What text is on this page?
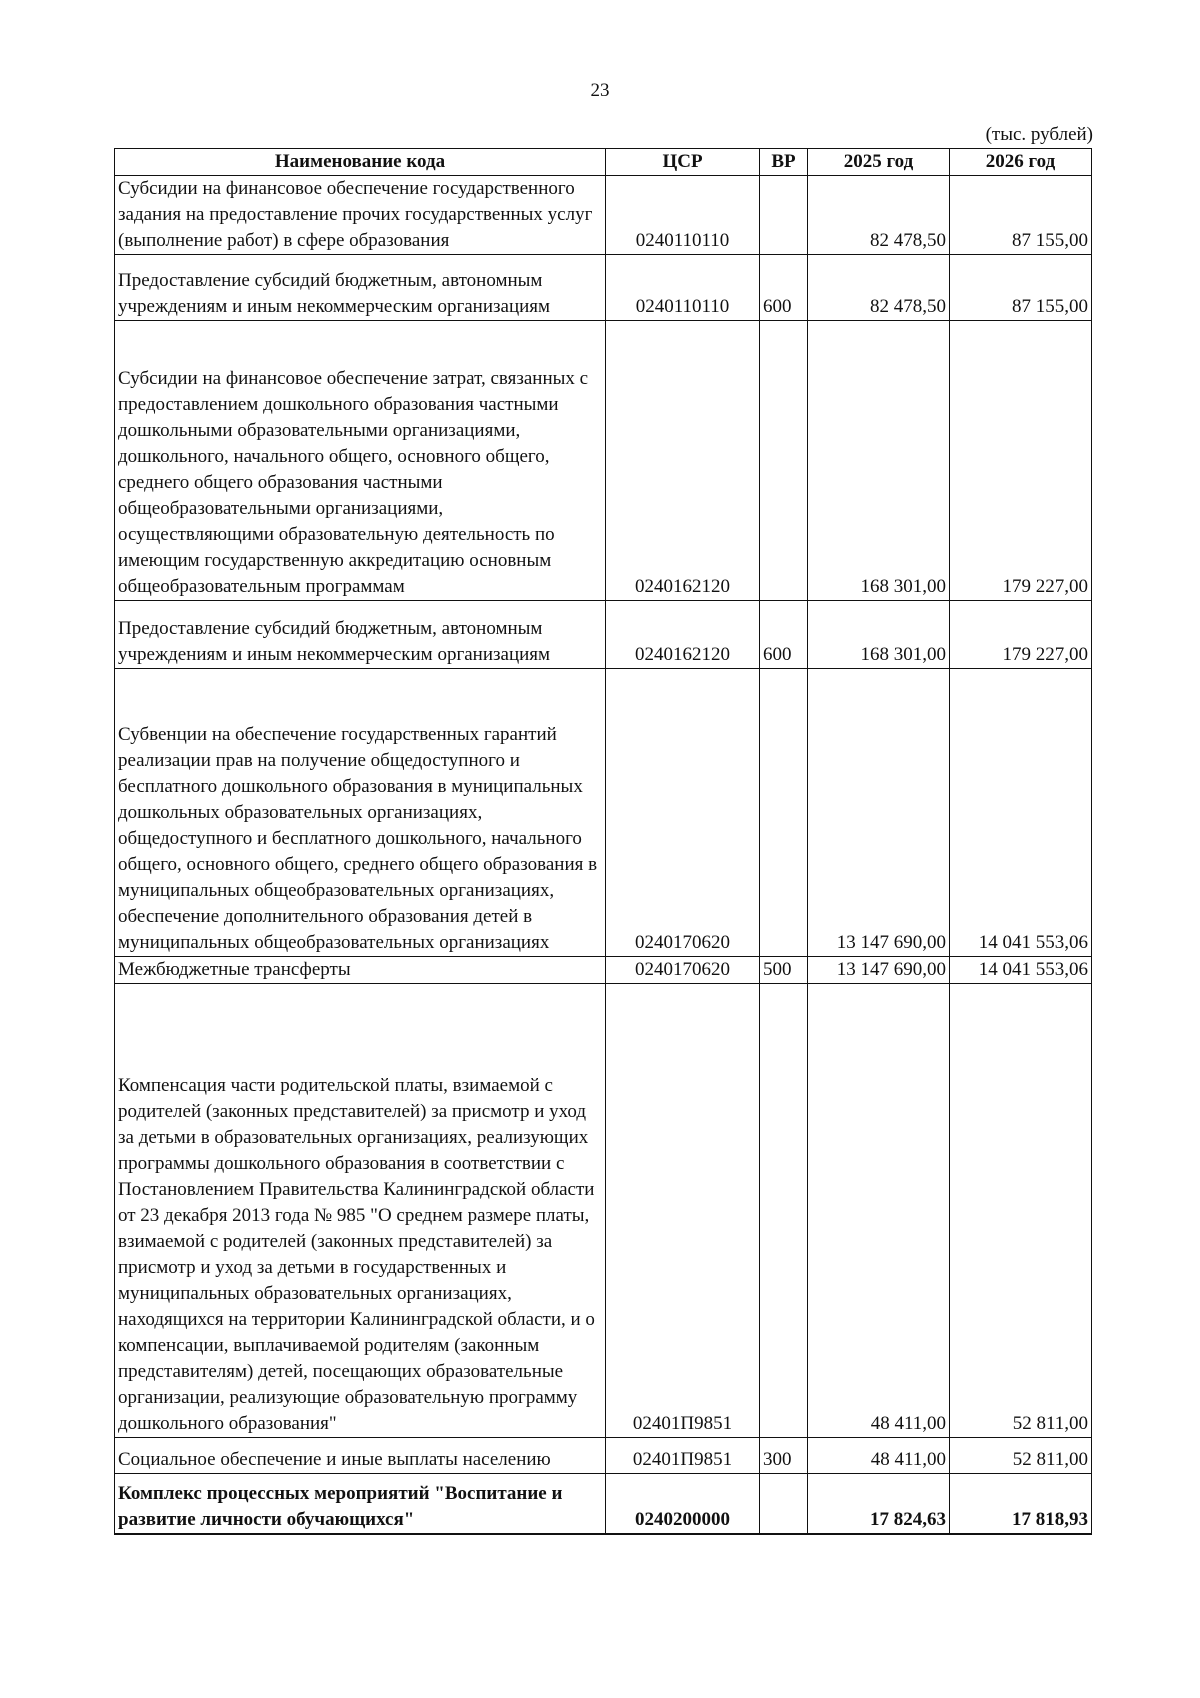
23
(тыс. рублей)
Наименование кода	ЦСР	ВР	2025 год	2026 год
Субсидии на финансовое обеспечение государственного задания на предоставление прочих государственных услуг (выполнение работ) в сфере образования	0240110110		82 478,50	87 155,00
Предоставление субсидий бюджетным, автономным учреждениям и иным некоммерческим организациям	0240110110	600	82 478,50	87 155,00
Субсидии на финансовое обеспечение затрат, связанных с предоставлением дошкольного образования частными дошкольными образовательными организациями, дошкольного, начального общего, основного общего, среднего общего образования частными общеобразовательными организациями, осуществляющими образовательную деятельность по имеющим государственную аккредитацию основным общеобразовательным программам	0240162120		168 301,00	179 227,00
Предоставление субсидий бюджетным, автономным учреждениям и иным некоммерческим организациям	0240162120	600	168 301,00	179 227,00
Субвенции на обеспечение государственных гарантий реализации прав на получение общедоступного и бесплатного дошкольного образования в муниципальных дошкольных образовательных организациях, общедоступного и бесплатного дошкольного, начального общего, основного общего, среднего общего образования в муниципальных общеобразовательных организациях, обеспечение дополнительного образования детей в муниципальных общеобразовательных организациях	0240170620		13 147 690,00	14 041 553,06
Межбюджетные трансферты	0240170620	500	13 147 690,00	14 041 553,06
Компенсация части родительской платы, взимаемой с родителей (законных представителей) за присмотр и уход за детьми в образовательных организациях, реализующих программы дошкольного образования в соответствии с Постановлением Правительства Калининградской области от 23 декабря 2013 года № 985 "О среднем размере платы, взимаемой с родителей (законных представителей) за присмотр и уход за детьми в государственных и муниципальных образовательных организациях, находящихся на территории Калининградской области, и о компенсации, выплачиваемой родителям (законным представителям) детей, посещающих образовательные организации, реализующие образовательную программу дошкольного образования"	02401П9851		48 411,00	52 811,00
Социальное обеспечение и иные выплаты населению	02401П9851	300	48 411,00	52 811,00
Комплекс процессных мероприятий "Воспитание и развитие личности обучающихся"	0240200000		17 824,63	17 818,93
